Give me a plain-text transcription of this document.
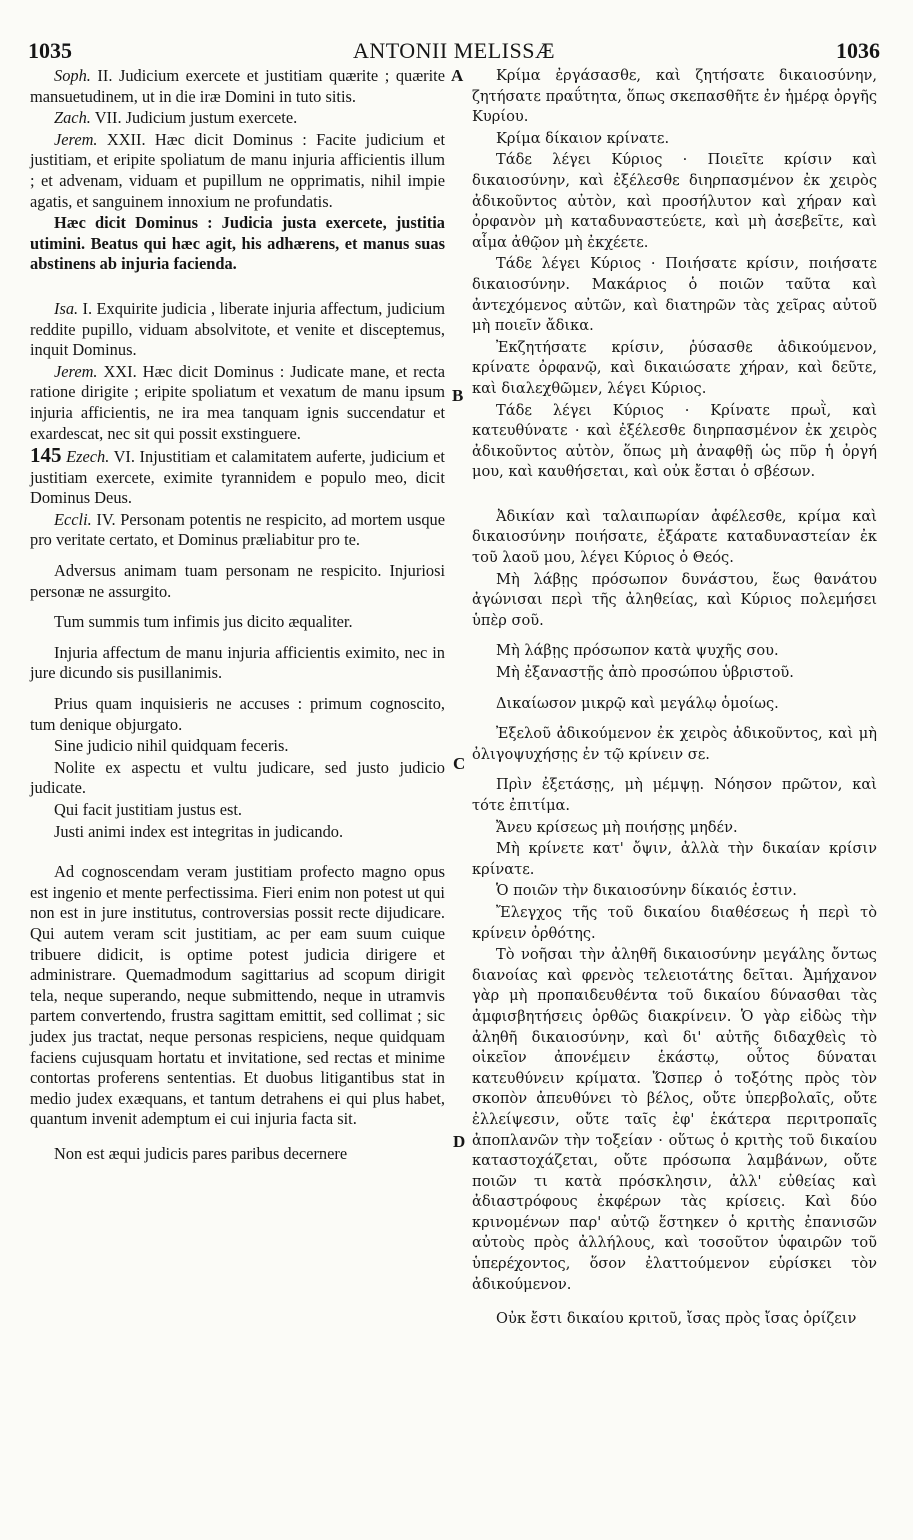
1035	ANTONII MELISSÆ	1036
A
B
C
D

Soph. II. Judicium exercete et justitiam quærite ; quærite mansuetudinem, ut in die iræ Domini in tuto sitis.

Zach. VII. Judicium justum exercete.

Jerem. XXII. Hæc dicit Dominus : Facite judicium et justitiam, et eripite spoliatum de manu injuria afficientis illum ; et advenam, viduam et pupillum ne opprimatis, nihil impie agatis, et sanguinem innoxium ne profundatis.

Hæc dicit Dominus : Judicia justa exercete, justitia utimini. Beatus qui hæc agit, his adhærens, et manus suas abstinens ab injuria facienda.

Isa. I. Exquirite judicia , liberate injuria affectum, judicium reddite pupillo, viduam absolvitote, et venite et disceptemus, inquit Dominus.

Jerem. XXI. Hæc dicit Dominus : Judicate mane, et recta ratione dirigite ; eripite spoliatum et vexatum de manu ipsum injuria afficientis, ne ira mea tanquam ignis succendatur et exardescat, nec sit qui possit exstinguere.

145 Ezech. VI. Injustitiam et calamitatem auferte, judicium et justitiam exercete, eximite tyrannidem e populo meo, dicit Dominus Deus.

Eccli. IV. Personam potentis ne respicito, ad mortem usque pro veritate certato, et Dominus præliabitur pro te.

Adversus animam tuam personam ne respicito. Injuriosi personæ ne assurgito.

Tum summis tum infimis jus dicito æqualiter.

Injuria affectum de manu injuria afficientis eximito, nec in jure dicundo sis pusillanimis.

Prius quam inquisieris ne accuses : primum cognoscito, tum denique objurgato.

Sine judicio nihil quidquam feceris.

Nolite ex aspectu et vultu judicare, sed justo judicio judicate.

Qui facit justitiam justus est.

Justi animi index est integritas in judicando.

Ad cognoscendam veram justitiam profecto magno opus est ingenio et mente perfectissima. Fieri enim non potest ut qui non est in jure institutus, controversias possit recte dijudicare. Qui autem veram scit justitiam, ac per eam suum cuique tribuere didicit, is optime potest judicia dirigere et administrare. Quemadmodum sagittarius ad scopum dirigit tela, neque superando, neque submittendo, neque in utramvis partem convertendo, frustra sagittam emittit, sed collimat ; sic judex jus tractat, neque personas respiciens, neque quidquam faciens cujusquam hortatu et invitatione, sed rectas et minime contortas proferens sententias. Et duobus litigantibus stat in medio judex exæquans, et tantum detrahens ei qui plus habet, quantum invenit ademptum ei cui injuria facta sit.

Non est æqui judicis pares paribus decernere

Κρίμα ἐργάσασθε, καὶ ζητήσατε δικαιοσύνην, ζητήσατε πραΰτητα, ὅπως σκεπασθῆτε ἐν ἡμέρᾳ ὀργῆς Κυρίου.

Κρίμα δίκαιον κρίνατε.

Τάδε λέγει Κύριος · Ποιεῖτε κρίσιν καὶ δικαιοσύνην, καὶ ἐξέλεσθε διηρπασμένον ἐκ χειρὸς ἀδικοῦντος αὐτὸν, καὶ προσήλυτον καὶ χήραν καὶ ὀρφανὸν μὴ καταδυναστεύετε, καὶ μὴ ἀσεβεῖτε, καὶ αἷμα ἀθῷον μὴ ἐκχέετε.

Τάδε λέγει Κύριος · Ποιήσατε κρίσιν, ποιήσατε δικαιοσύνην. Μακάριος ὁ ποιῶν ταῦτα καὶ ἀντεχόμενος αὐτῶν, καὶ διατηρῶν τὰς χεῖρας αὐτοῦ μὴ ποιεῖν ἄδικα.

Ἐκζητήσατε κρίσιν, ῥύσασθε ἀδικούμενον, κρίνατε ὀρφανῷ, καὶ δικαιώσατε χήραν, καὶ δεῦτε, καὶ διαλεχθῶμεν, λέγει Κύριος.

Τάδε λέγει Κύριος · Κρίνατε πρωῒ, καὶ κατευθύνατε · καὶ ἐξέλεσθε διηρπασμένον ἐκ χειρὸς ἀδικοῦντος αὐτὸν, ὅπως μὴ ἀναφθῇ ὡς πῦρ ἡ ὀργή μου, καὶ καυθήσεται, καὶ οὐκ ἔσται ὁ σβέσων.

Ἀδικίαν καὶ ταλαιπωρίαν ἀφέλεσθε, κρίμα καὶ δικαιοσύνην ποιήσατε, ἐξάρατε καταδυναστείαν ἐκ τοῦ λαοῦ μου, λέγει Κύριος ὁ Θεός.

Μὴ λάβῃς πρόσωπον δυνάστου, ἕως θανάτου ἀγώνισαι περὶ τῆς ἀληθείας, καὶ Κύριος πολεμήσει ὑπὲρ σοῦ.

Μὴ λάβῃς πρόσωπον κατὰ ψυχῆς σου.

Μὴ ἐξαναστῇς ἀπὸ προσώπου ὑβριστοῦ.

Δικαίωσον μικρῷ καὶ μεγάλῳ ὁμοίως.

Ἐξελοῦ ἀδικούμενον ἐκ χειρὸς ἀδικοῦντος, καὶ μὴ ὀλιγοψυχήσῃς ἐν τῷ κρίνειν σε.

Πρὶν ἐξετάσῃς, μὴ μέμψῃ. Νόησον πρῶτον, καὶ τότε ἐπιτίμα.

Ἄνευ κρίσεως μὴ ποιήσῃς μηδέν.

Μὴ κρίνετε κατ' ὄψιν, ἀλλὰ τὴν δικαίαν κρίσιν κρίνατε.

Ὁ ποιῶν τὴν δικαιοσύνην δίκαιός ἐστιν.

Ἔλεγχος τῆς τοῦ δικαίου διαθέσεως ἡ περὶ τὸ κρίνειν ὀρθότης.

Τὸ νοῆσαι τὴν ἀληθῆ δικαιοσύνην μεγάλης ὄντως διανοίας καὶ φρενὸς τελειοτάτης δεῖται. Ἀμήχανον γὰρ μὴ προπαιδευθέντα τοῦ δικαίου δύνασθαι τὰς ἀμφισβητήσεις ὀρθῶς διακρίνειν. Ὁ γὰρ εἰδὼς τὴν ἀληθῆ δικαιοσύνην, καὶ δι' αὐτῆς διδαχθεὶς τὸ οἰκεῖον ἀπονέμειν ἑκάστῳ, οὗτος δύναται κατευθύνειν κρίματα. Ὥσπερ ὁ τοξότης πρὸς τὸν σκοπὸν ἀπευθύνει τὸ βέλος, οὔτε ὑπερβολαῖς, οὔτε ἐλλείψεσιν, οὔτε ταῖς ἐφ' ἑκάτερα περιτροπαῖς ἀποπλανῶν τὴν τοξείαν · οὕτως ὁ κριτὴς τοῦ δικαίου καταστοχάζεται, οὔτε πρόσωπα λαμβάνων, οὔτε ποιῶν τι κατὰ πρόσκλησιν, ἀλλ' εὐθείας καὶ ἀδιαστρόφους ἐκφέρων τὰς κρίσεις. Καὶ δύο κρινομένων παρ' αὐτῷ ἕστηκεν ὁ κριτὴς ἐπανισῶν αὐτοὺς πρὸς ἀλλήλους, καὶ τοσοῦτον ὑφαιρῶν τοῦ ὑπερέχοντος, ὅσον ἐλαττούμενον εὑρίσκει τὸν ἀδικούμενον.

Οὐκ ἔστι δικαίου κριτοῦ, ἴσας πρὸς ἴσας ὁρίζειν
